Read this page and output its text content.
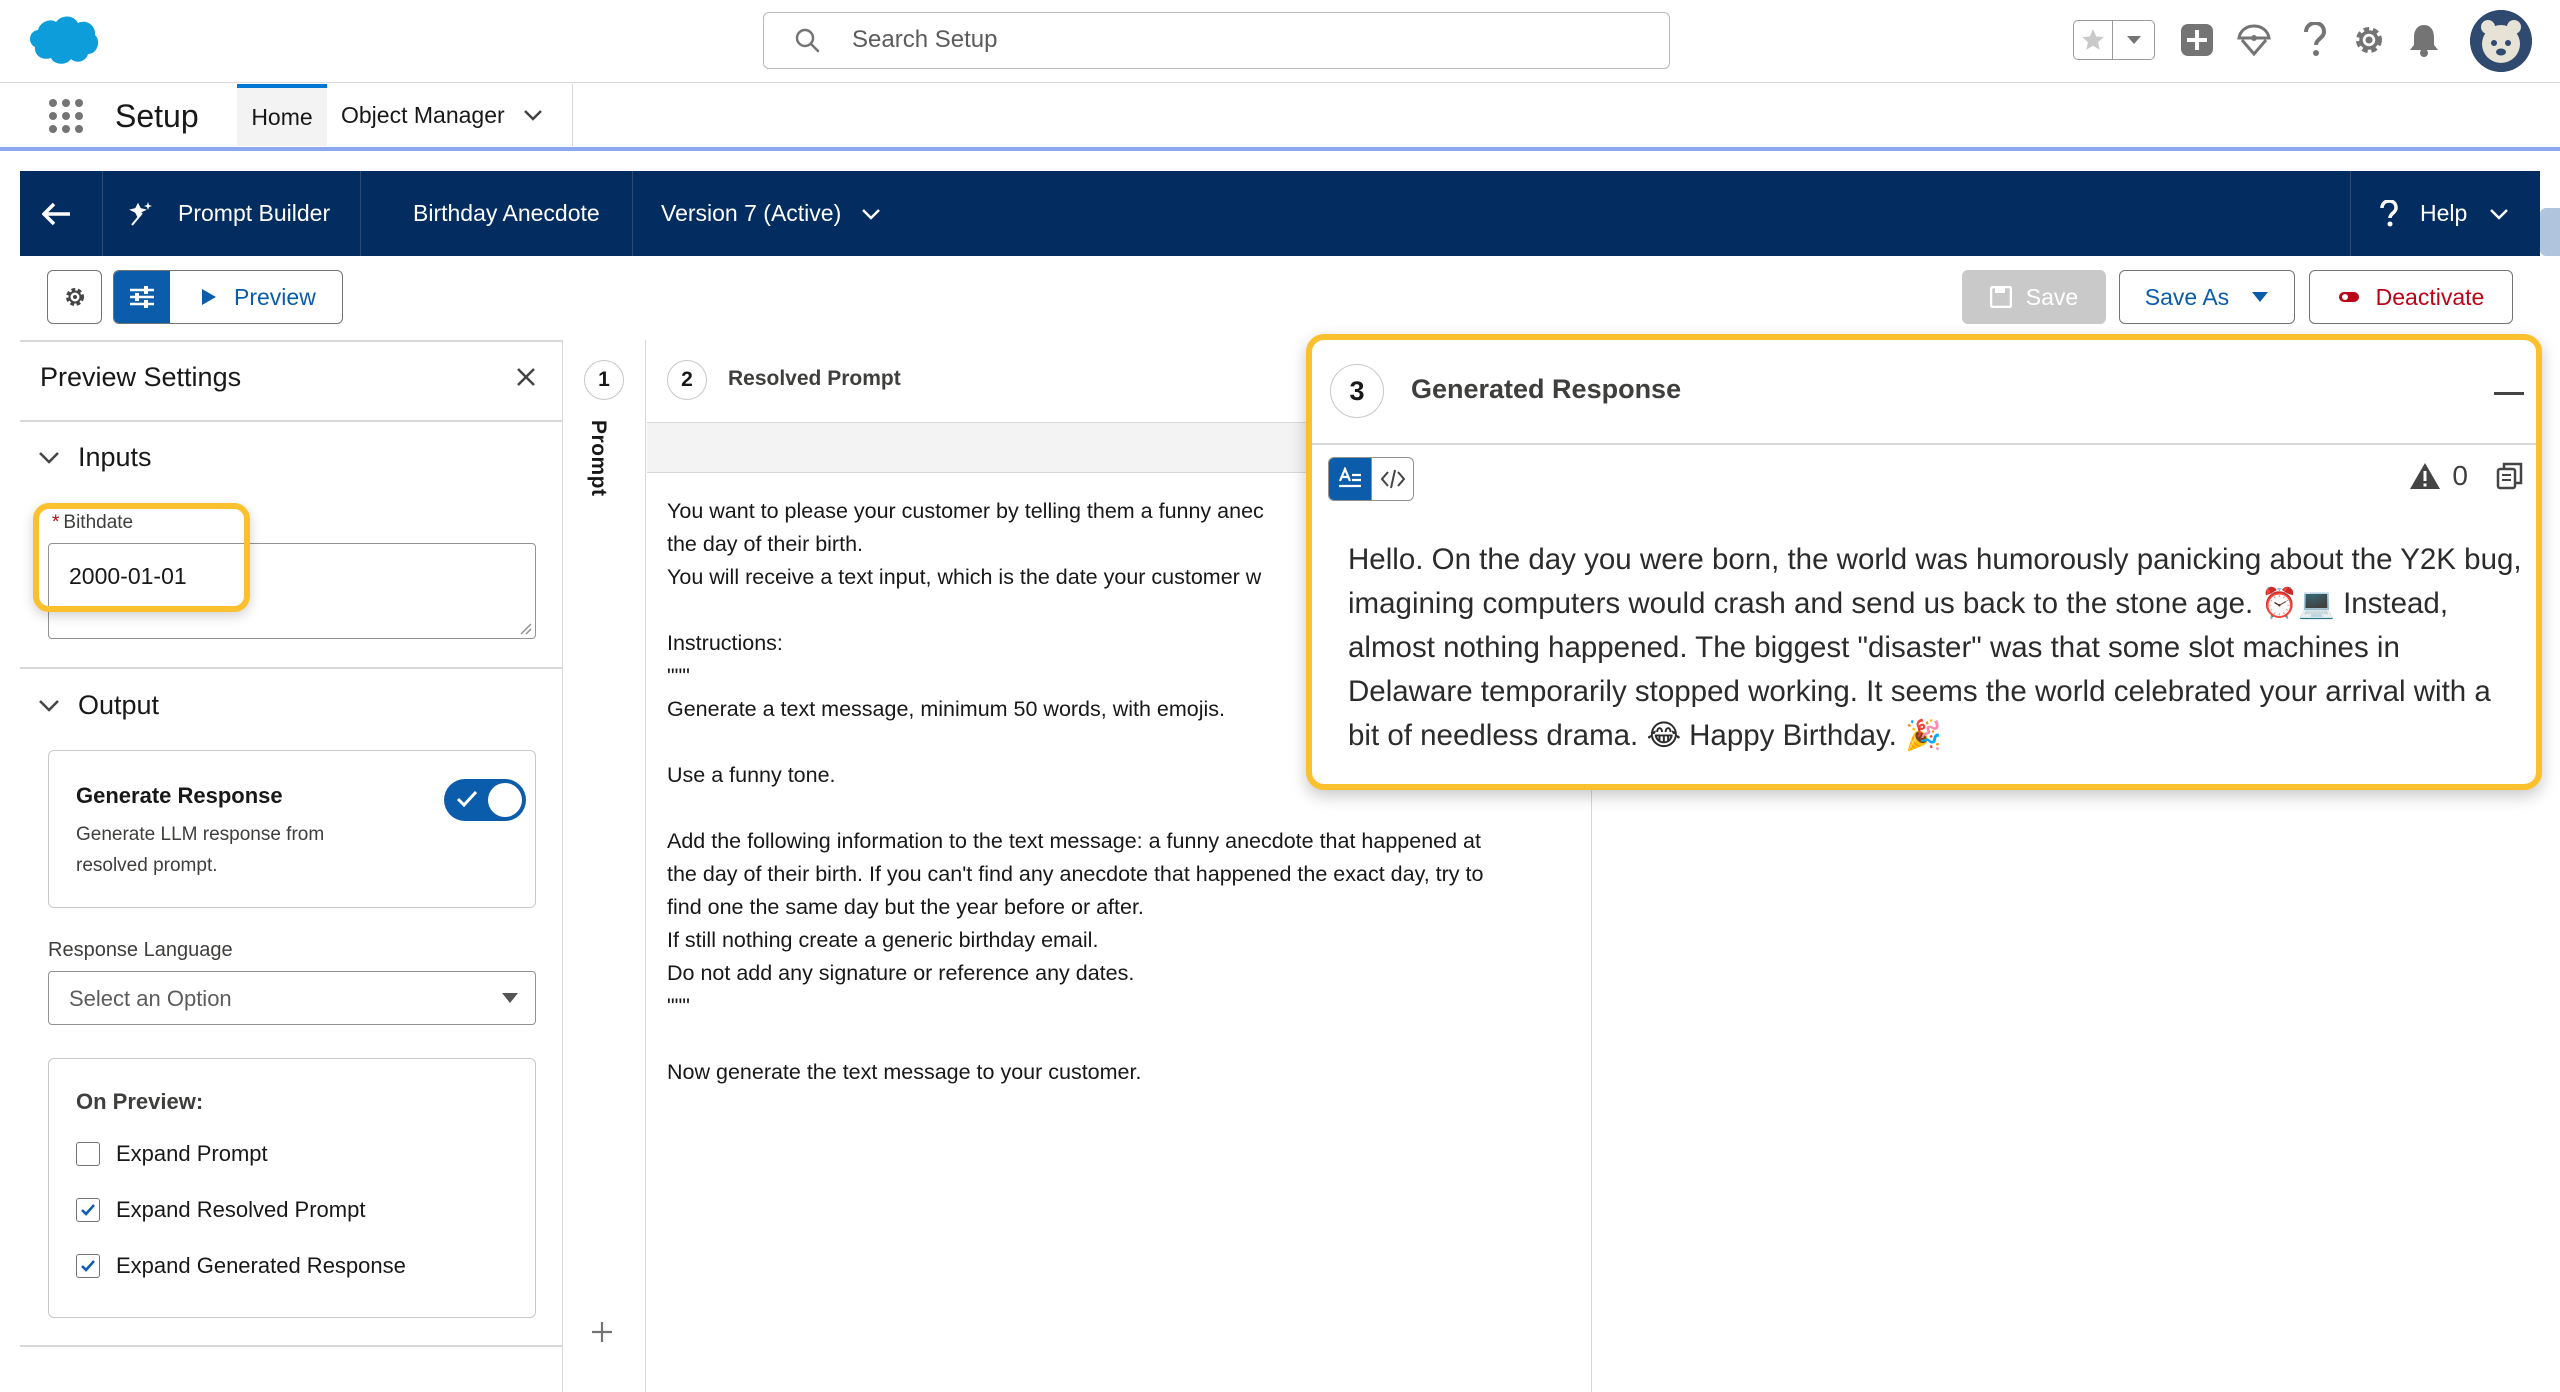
Search Setup
Setup Home Object Manager
Prompt Builder	Birthday Anecdote	Version 7 (Active)	Help
Preview	Save	Save As	Deactivate
Preview Settings
Inputs
* Bithdate
2000-01-01
Output
Generate Response
Generate LLM response from resolved prompt.
Response Language
Select an Option
On Preview:
Expand Prompt
Expand Resolved Prompt
Expand Generated Response
1
Prompt
2	Resolved Prompt
You want to please your customer by telling them a funny anec
the day of their birth.
You will receive a text input, which is the date your customer w

Instructions:
"""
Generate a text message, minimum 50 words, with emojis.

Use a funny tone.

Add the following information to the text message: a funny anecdote that happened at
the day of their birth. If you can't find any anecdote that happened the exact day, try to
find one the same day but the year before or after.
If still nothing create a generic birthday email.
Do not add any signature or reference any dates.
"""

Now generate the text message to your customer.
3	Generated Response
0

Hello. On the day you were born, the world was humorously panicking about the Y2K bug, imagining computers would crash and send us back to the stone age. ⏰💻 Instead, almost nothing happened. The biggest "disaster" was that some slot machines in Delaware temporarily stopped working. It seems the world celebrated your arrival with a bit of needless drama. 😂 Happy Birthday. 🎉
